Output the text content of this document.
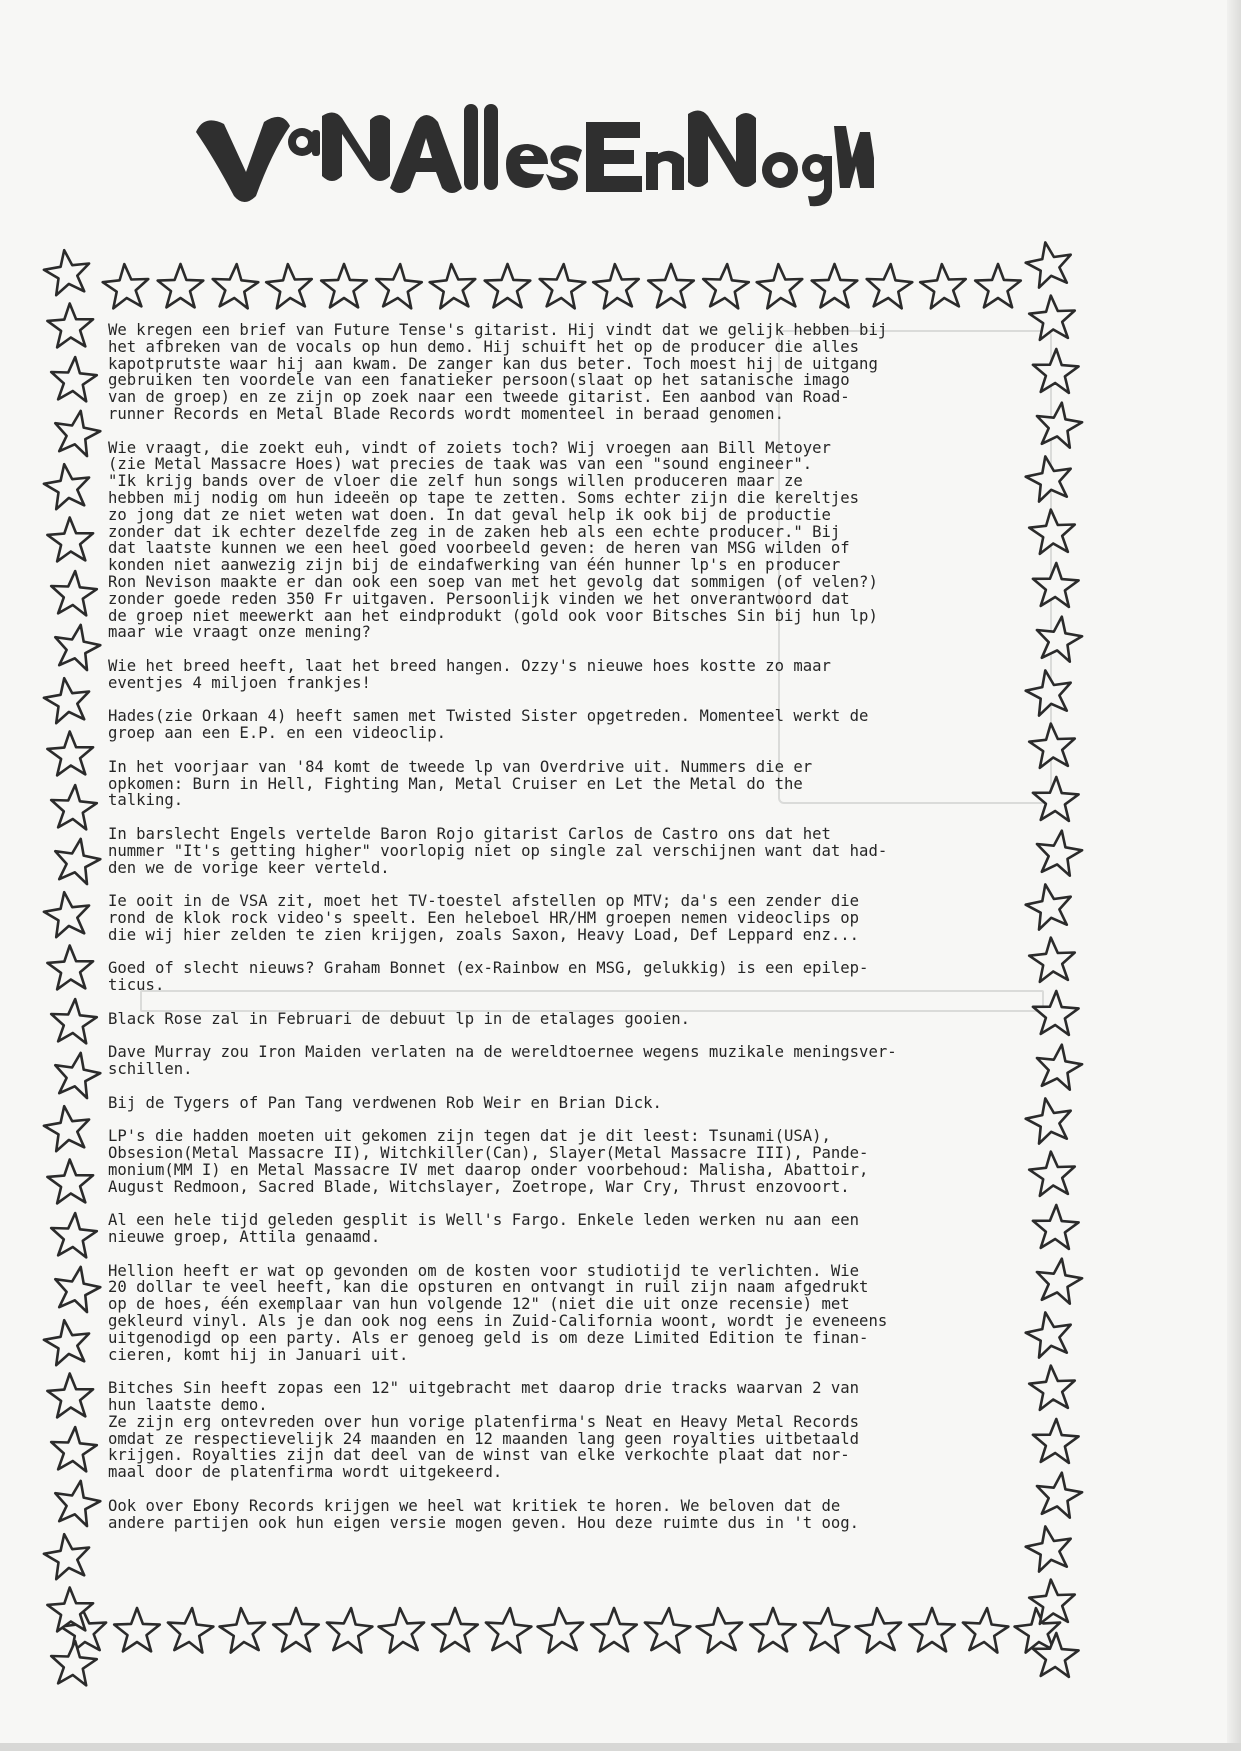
We kregen een brief van Future Tense's gitarist. Hij vindt dat we gelijk hebben bij
het afbreken van de vocals op hun demo. Hij schuift het op de producer die alles
kapotprutste waar hij aan kwam. De zanger kan dus beter. Toch moest hij de uitgang
gebruiken ten voordele van een fanatieker persoon(slaat op het satanische imago
van de groep) en ze zijn op zoek naar een tweede gitarist. Een aanbod van Road-
runner Records en Metal Blade Records wordt momenteel in beraad genomen.

Wie vraagt, die zoekt euh, vindt of zoiets toch? Wij vroegen aan Bill Metoyer
(zie Metal Massacre Hoes) wat precies de taak was van een "sound engineer".
"Ik krijg bands over de vloer die zelf hun songs willen produceren maar ze
hebben mij nodig om hun ideeën op tape te zetten. Soms echter zijn die kereltjes
zo jong dat ze niet weten wat doen. In dat geval help ik ook bij de productie
zonder dat ik echter dezelfde zeg in de zaken heb als een echte producer." Bij
dat laatste kunnen we een heel goed voorbeeld geven: de heren van MSG wilden of
konden niet aanwezig zijn bij de eindafwerking van één hunner lp's en producer
Ron Nevison maakte er dan ook een soep van met het gevolg dat sommigen (of velen?)
zonder goede reden 350 Fr uitgaven. Persoonlijk vinden we het onverantwoord dat
de groep niet meewerkt aan het eindprodukt (gold ook voor Bitsches Sin bij hun lp)
maar wie vraagt onze mening?

Wie het breed heeft, laat het breed hangen. Ozzy's nieuwe hoes kostte zo maar
eventjes 4 miljoen frankjes!

Hades(zie Orkaan 4) heeft samen met Twisted Sister opgetreden. Momenteel werkt de
groep aan een E.P. en een videoclip.

In het voorjaar van '84 komt de tweede lp van Overdrive uit. Nummers die er
opkomen: Burn in Hell, Fighting Man, Metal Cruiser en Let the Metal do the
talking.

In barslecht Engels vertelde Baron Rojo gitarist Carlos de Castro ons dat het
nummer "It's getting higher" voorlopig niet op single zal verschijnen want dat had-
den we de vorige keer verteld.

Ie ooit in de VSA zit, moet het TV-toestel afstellen op MTV; da's een zender die
rond de klok rock video's speelt. Een heleboel HR/HM groepen nemen videoclips op
die wij hier zelden te zien krijgen, zoals Saxon, Heavy Load, Def Leppard enz...

Goed of slecht nieuws? Graham Bonnet (ex-Rainbow en MSG, gelukkig) is een epilep-
ticus.

Black Rose zal in Februari de debuut lp in de etalages gooien.

Dave Murray zou Iron Maiden verlaten na de wereldtoernee wegens muzikale meningsver-
schillen.

Bij de Tygers of Pan Tang verdwenen Rob Weir en Brian Dick.

LP's die hadden moeten uit gekomen zijn tegen dat je dit leest: Tsunami(USA),
Obsesion(Metal Massacre II), Witchkiller(Can), Slayer(Metal Massacre III), Pande-
monium(MM I) en Metal Massacre IV met daarop onder voorbehoud: Malisha, Abattoir,
August Redmoon, Sacred Blade, Witchslayer, Zoetrope, War Cry, Thrust enzovoort.

Al een hele tijd geleden gesplit is Well's Fargo. Enkele leden werken nu aan een
nieuwe groep, Attila genaamd.

Hellion heeft er wat op gevonden om de kosten voor studiotijd te verlichten. Wie
20 dollar te veel heeft, kan die opsturen en ontvangt in ruil zijn naam afgedrukt
op de hoes, één exemplaar van hun volgende 12" (niet die uit onze recensie) met
gekleurd vinyl. Als je dan ook nog eens in Zuid-California woont, wordt je eveneens
uitgenodigd op een party. Als er genoeg geld is om deze Limited Edition te finan-
cieren, komt hij in Januari uit.

Bitches Sin heeft zopas een 12" uitgebracht met daarop drie tracks waarvan 2 van
hun laatste demo.
Ze zijn erg ontevreden over hun vorige platenfirma's Neat en Heavy Metal Records
omdat ze respectievelijk 24 maanden en 12 maanden lang geen royalties uitbetaald
krijgen. Royalties zijn dat deel van de winst van elke verkochte plaat dat nor-
maal door de platenfirma wordt uitgekeerd.

Ook over Ebony Records krijgen we heel wat kritiek te horen. We beloven dat de
andere partijen ook hun eigen versie mogen geven. Hou deze ruimte dus in 't oog.
